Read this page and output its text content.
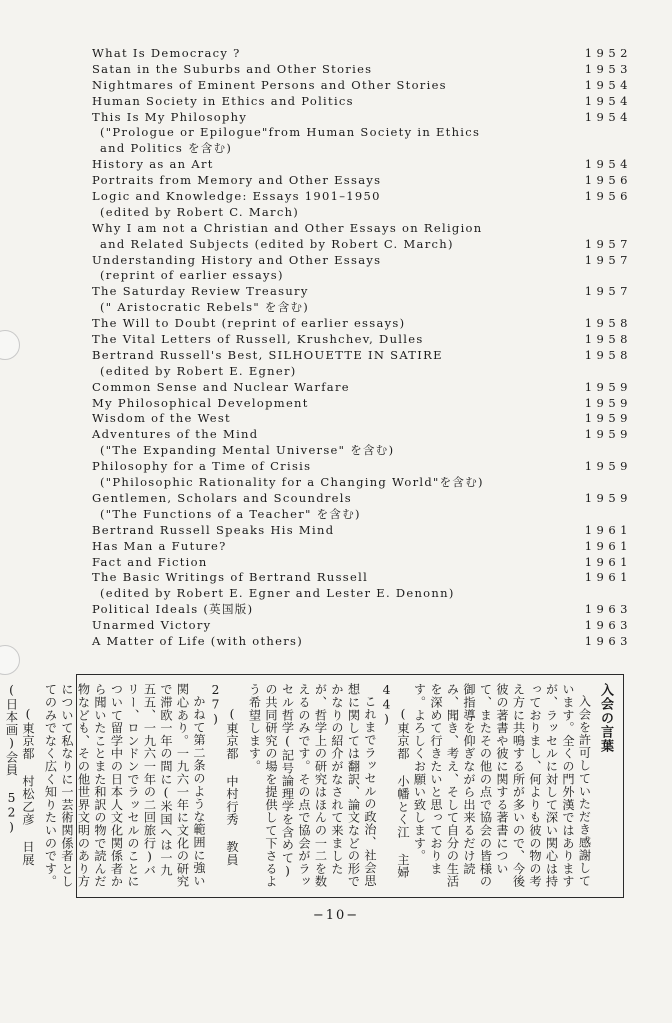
What Is Democracy ?	1952
Satan in the Suburbs and Other Stories	1953
Nightmares of Eminent Persons and Other Stories	1954
Human Society in Ethics and Politics	1954
This Is My Philosophy	1954
("Prologue or Epilogue"from Human Society in Ethics
and Politics を含む)
History as an Art	1954
Portraits from Memory and Other Essays	1956
Logic and Knowledge: Essays 1901–1950	1956
(edited by Robert C. March)
Why I am not a Christian and Other Essays on Religion
and Related Subjects (edited by Robert C. March)	1957
Understanding History and Other Essays	1957
(reprint of earlier essays)
The Saturday Review Treasury	1957
(" Aristocratic Rebels" を含む)
The Will to Doubt (reprint of earlier essays)	1958
The Vital Letters of Russell, Krushchev, Dulles	1958
Bertrand Russell's Best, SILHOUETTE IN SATIRE	1958
(edited by Robert E. Egner)
Common Sense and Nuclear Warfare	1959
My Philosophical Development	1959
Wisdom of the West	1959
Adventures of the Mind	1959
("The Expanding Mental Universe" を含む)
Philosophy for a Time of Crisis	1959
("Philosophic Rationality for a Changing World"を含む)
Gentlemen, Scholars and Scoundrels	1959
("The Functions of a Teacher" を含む)
Bertrand Russell Speaks His Mind	1961
Has Man a Future?	1961
Fact and Fiction	1961
The Basic Writings of Bertrand Russell	1961
(edited by Robert E. Egner and Lester E. Denonn)
Political Ideals (英国版)	1963
Unarmed Victory	1963
A Matter of Life (with others)	1963

入会の言葉

入会を許可していただき感謝しています。全くの門外漢ではありますが、ラッセルに対して深い関心は持っておりまし、何よりも彼の物の考え方に共鳴する所が多いので、今後彼の著書や彼に関する著書について、またその他の点で協会の皆様の御指導を仰ぎながら出来るだけ読み、聞き、考え、そして自分の生活を深めて行きたいと思っております。よろしくお願い致します。

(東京都 小幡とく江 主婦 44)

これまでラッセルの政治、社会思想に関しては翻訳、論文などの形でかなりの紹介がなされて来ましたが、哲学上の研究はほんの一二を数えるのみです。その点で協会がラッセル哲学(記号論理学を含めて)の共同研究の場を提供して下さるよう希望します。

(東京都 中村行秀 教員 27)

かねて第二条のような範囲に強い関心あり。一九六一年に文化の研究で滞欧一年の間に(米国へは一九五五、一九六一年の二回旅行)バリー、ロンドンでラッセルのことについて留学中の日本人文化関係者から聞いたことまた和訳の物で読んだ物なども、その他世界文明のあり方について私なりに一芸術関係者としてのみでなく広く知りたいのです。

(東京都 村松乙彦 日展(日本画)会員 52)

−10−
